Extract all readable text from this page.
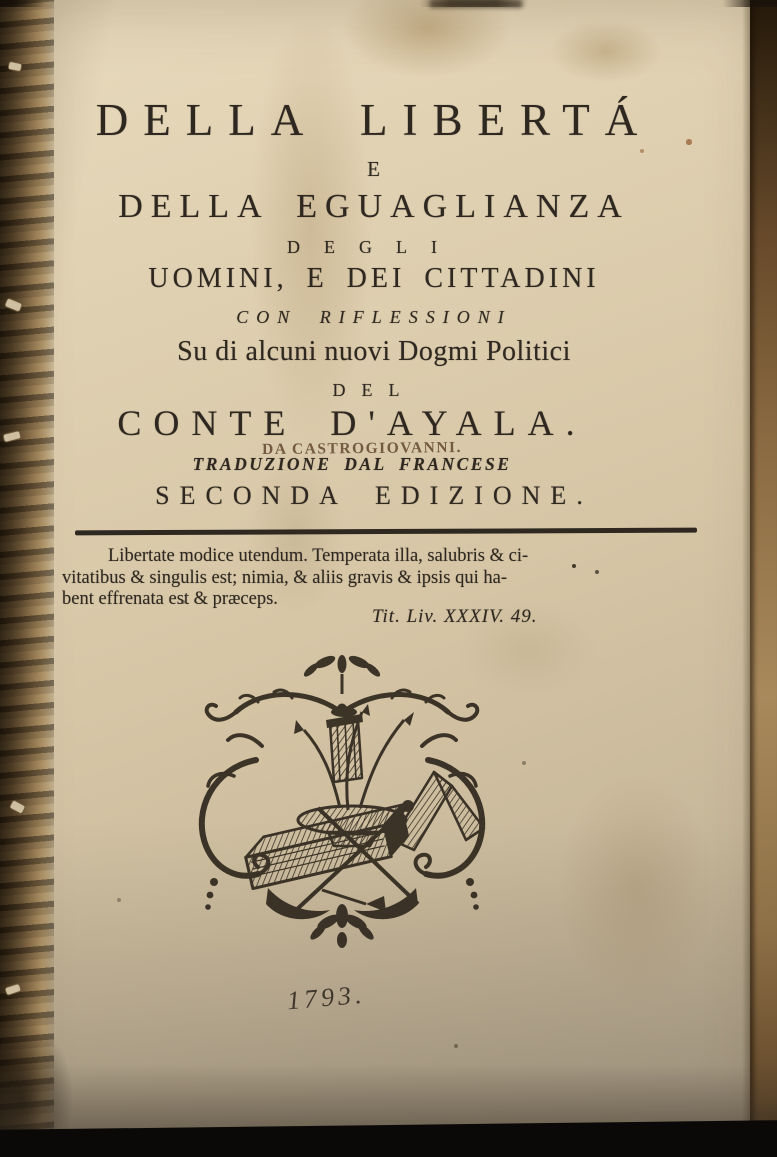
DELLA LIBERTÁ
E
DELLA EGUAGLIANZA
DEGLI
UOMINI, E DEI CITTADINI
CON RIFLESSIONI
Su di alcuni nuovi Dogmi Politici
DEL
CONTE D'AYALA.
DA CASTROGIOVANNI.
TRADUZIONE DAL FRANCESE
SECONDA EDIZIONE.
Libertate modice utendum. Temperata illa, salubris & ci-
vitatibus & singulis est; nimia, & aliis gravis & ipsis qui ha-
bent effrenata est & præceps.
Tit. Liv. XXXIV. 49.
1793.
